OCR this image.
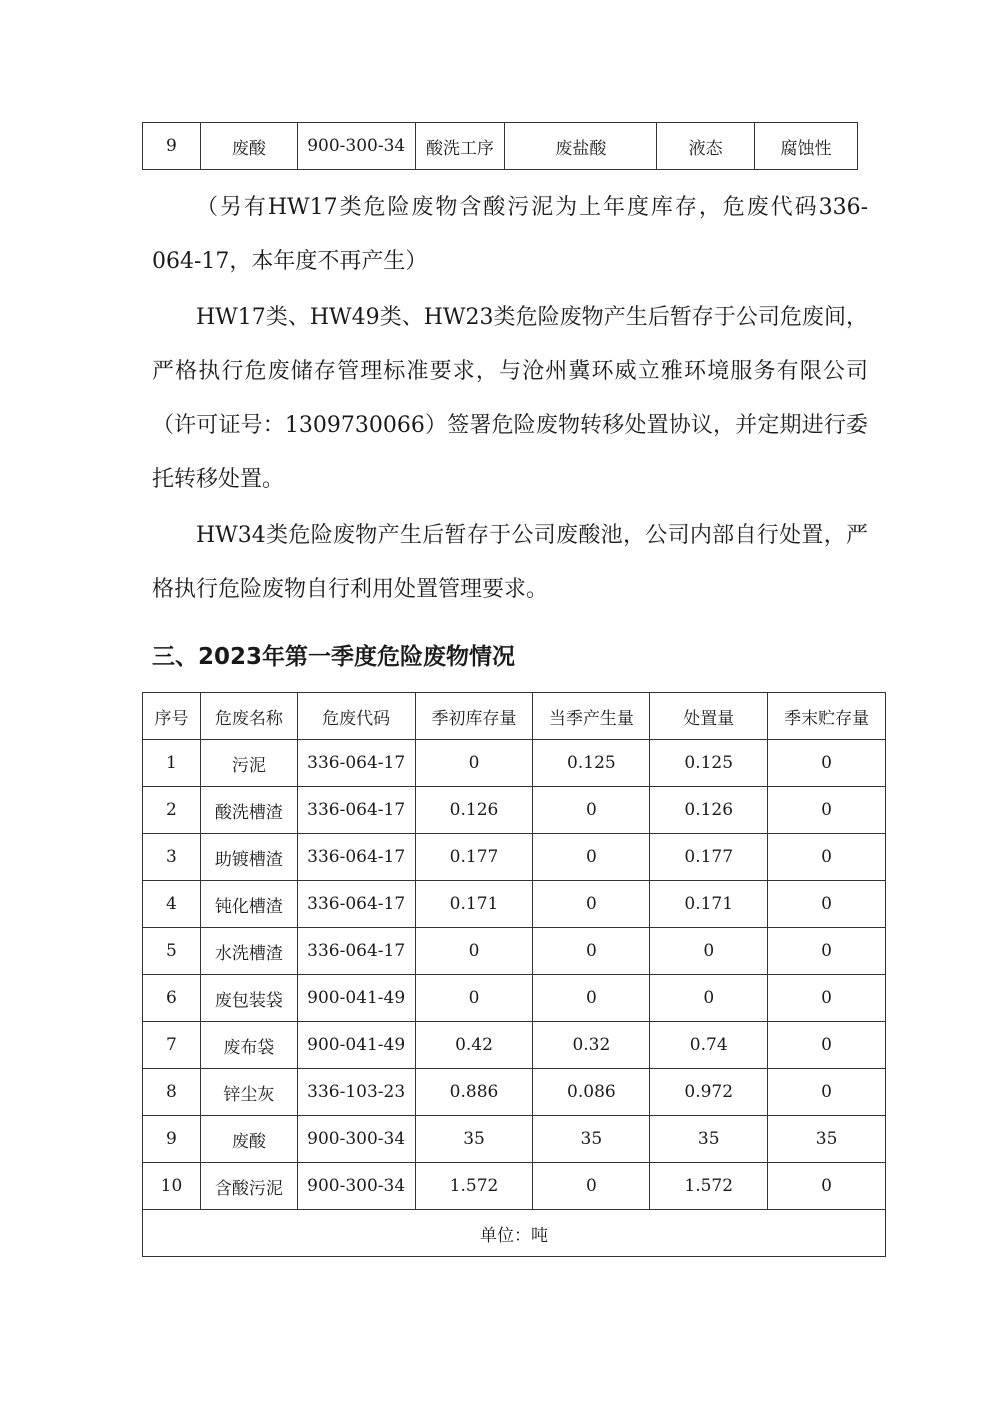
9	废酸	900-300-34	酸洗工序	废盐酸	液态	腐蚀性

（另有HW17类危险废物含酸污泥为上年度库存，危废代码336-064-17，本年度不再产生）

HW17类、HW49类、HW23类危险废物产生后暂存于公司危废间，严格执行危废储存管理标准要求，与沧州冀环威立雅环境服务有限公司（许可证号：1309730066）签署危险废物转移处置协议，并定期进行委托转移处置。

HW34类危险废物产生后暂存于公司废酸池，公司内部自行处置，严格执行危险废物自行利用处置管理要求。

三、2023年第一季度危险废物情况
序号	危废名称	危废代码	季初库存量	当季产生量	处置量	季末贮存量
1	污泥	336-064-17	0	0.125	0.125	0
2	酸洗槽渣	336-064-17	0.126	0	0.126	0
3	助镀槽渣	336-064-17	0.177	0	0.177	0
4	钝化槽渣	336-064-17	0.171	0	0.171	0
5	水洗槽渣	336-064-17	0	0	0	0
6	废包装袋	900-041-49	0	0	0	0
7	废布袋	900-041-49	0.42	0.32	0.74	0
8	锌尘灰	336-103-23	0.886	0.086	0.972	0
9	废酸	900-300-34	35	35	35	35
10	含酸污泥	900-300-34	1.572	0	1.572	0
单位：吨						
